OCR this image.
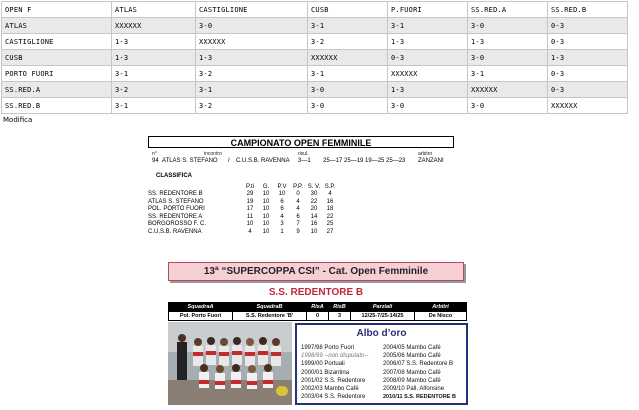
OPEN F	ATLAS	CASTIGLIONE	CUSB	P.FUORI	SS.RED.A	SS.RED.B
ATLAS	XXXXXX	3-0	3-1	3-1	3-0	0-3
CASTIGLIONE	1-3	XXXXXX	3-2	1-3	1-3	0-3
CUSB	1-3	1-3	XXXXXX	0-3	3-0	1-3
PORTO FUORI	3-1	3-2	3-1	XXXXXX	3-1	0-3
SS.RED.A	3-2	3-1	3-0	1-3	XXXXXX	0-3
SS.RED.B	3-1	3-2	3-0	3-0	3-0	XXXXXX
Modifica
CAMPIONATO OPEN FEMMINILE
n°	incontro	risul.	arbitro
94 ATLAS S. STEFANO / C.U.S.B. RAVENNA 3—1 25—17 25—19 19—25 25—23 ZANZANI
CLASSIFICA
	P.ti	G.	P.V	P.P.	S. V.	S.P.
SS. REDENTORE B	29	10	10	0	30	4
ATLAS S. STEFANO	19	10	6	4	22	16
POL. PORTO FUORI	17	10	6	4	20	18
SS. REDENTORE A	11	10	4	6	14	22
BORGOROSSO F. C.	10	10	3	7	16	25
C.U.S.B. RAVENNA	4	10	1	9	10	27
13ª “SUPERCOPPA CSI” - Cat. Open Femminile
S.S. REDENTORE B
SquadraA	SquadraB	RisA	RisB	Parziali	Arbitri
Pol. Porto Fuori	S.S. Redentore 'B'	0	3	12/25-7/25-14/25	De Nisco
Albo d’oro
1997/98 Porto Fuori
1998/99 --non disputato--
1999/00 Portuali
2000/01 Bizantina
2001/02 S.S. Redentore
2002/03 Mambo Café
2003/04 S.S. Redentore
2004/05 Mambo Café
2005/06 Mambo Café
2006/07 S.S. Redentore B
2007/08 Mambo Café
2008/09 Mambo Café
2009/10 Pall. Alfonsine
2010/11 S.S. REDENTORE B
